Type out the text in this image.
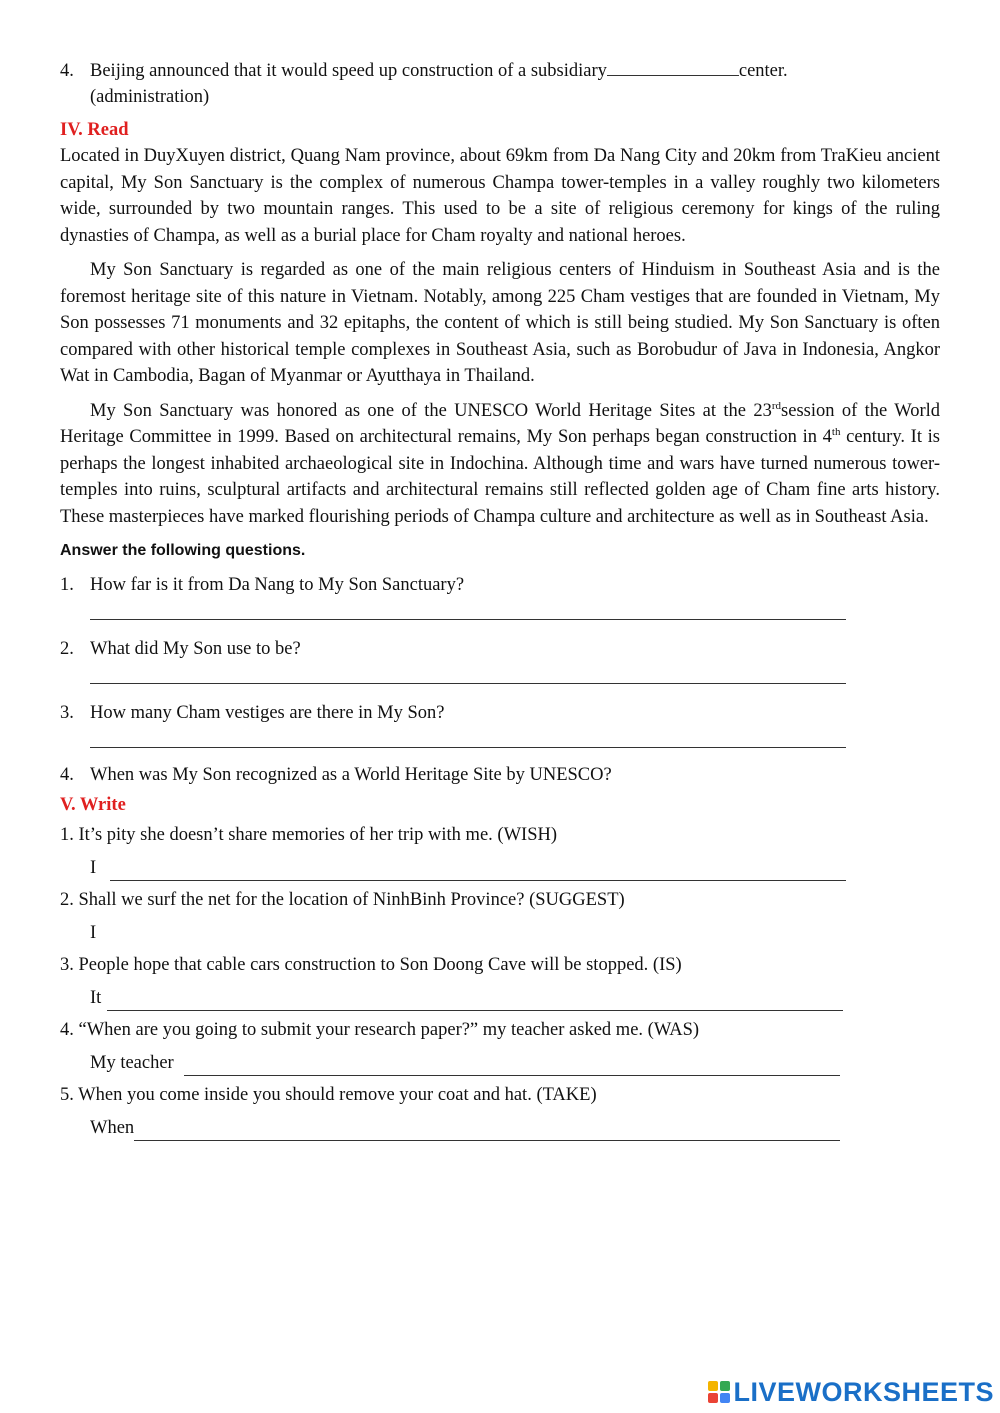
4. Beijing announced that it would speed up construction of a subsidiary	center.
(administration)
IV. Read

Located in DuyXuyen district, Quang Nam province, about 69km from Da Nang City and 20km from TraKieu ancient capital, My Son Sanctuary is the complex of numerous Champa tower-temples in a valley roughly two kilometers wide, surrounded by two mountain ranges. This used to be a site of religious ceremony for kings of the ruling dynasties of Champa, as well as a burial place for Cham royalty and national heroes.

My Son Sanctuary is regarded as one of the main religious centers of Hinduism in Southeast Asia and is the foremost heritage site of this nature in Vietnam. Notably, among 225 Cham vestiges that are founded in Vietnam, My Son possesses 71 monuments and 32 epitaphs, the content of which is still being studied. My Son Sanctuary is often compared with other historical temple complexes in Southeast Asia, such as Borobudur of Java in Indonesia, Angkor Wat in Cambodia, Bagan of Myanmar or Ayutthaya in Thailand.

My Son Sanctuary was honored as one of the UNESCO World Heritage Sites at the 23rdsession of the World Heritage Committee in 1999. Based on architectural remains, My Son perhaps began construction in 4th century. It is perhaps the longest inhabited archaeological site in Indochina. Although time and wars have turned numerous tower-temples into ruins, sculptural artifacts and architectural remains still reflected golden age of Cham fine arts history. These masterpieces have marked flourishing periods of Champa culture and architecture as well as in Southeast Asia.

Answer the following questions.
1. How far is it from Da Nang to My Son Sanctuary?
2. What did My Son use to be?
3. How many Cham vestiges are there in My Son?
4. When was My Son recognized as a World Heritage Site by UNESCO?
V. Write
1. It’s pity she doesn’t share memories of her trip with me. (WISH)
I
2. Shall we surf the net for the location of NinhBinh Province? (SUGGEST)
I
3. People hope that cable cars construction to Son Doong Cave will be stopped. (IS)
It
4. “When are you going to submit your research paper?” my teacher asked me. (WAS)
My teacher
5. When you come inside you should remove your coat and hat. (TAKE)
When
LIVEWORKSHEETS
